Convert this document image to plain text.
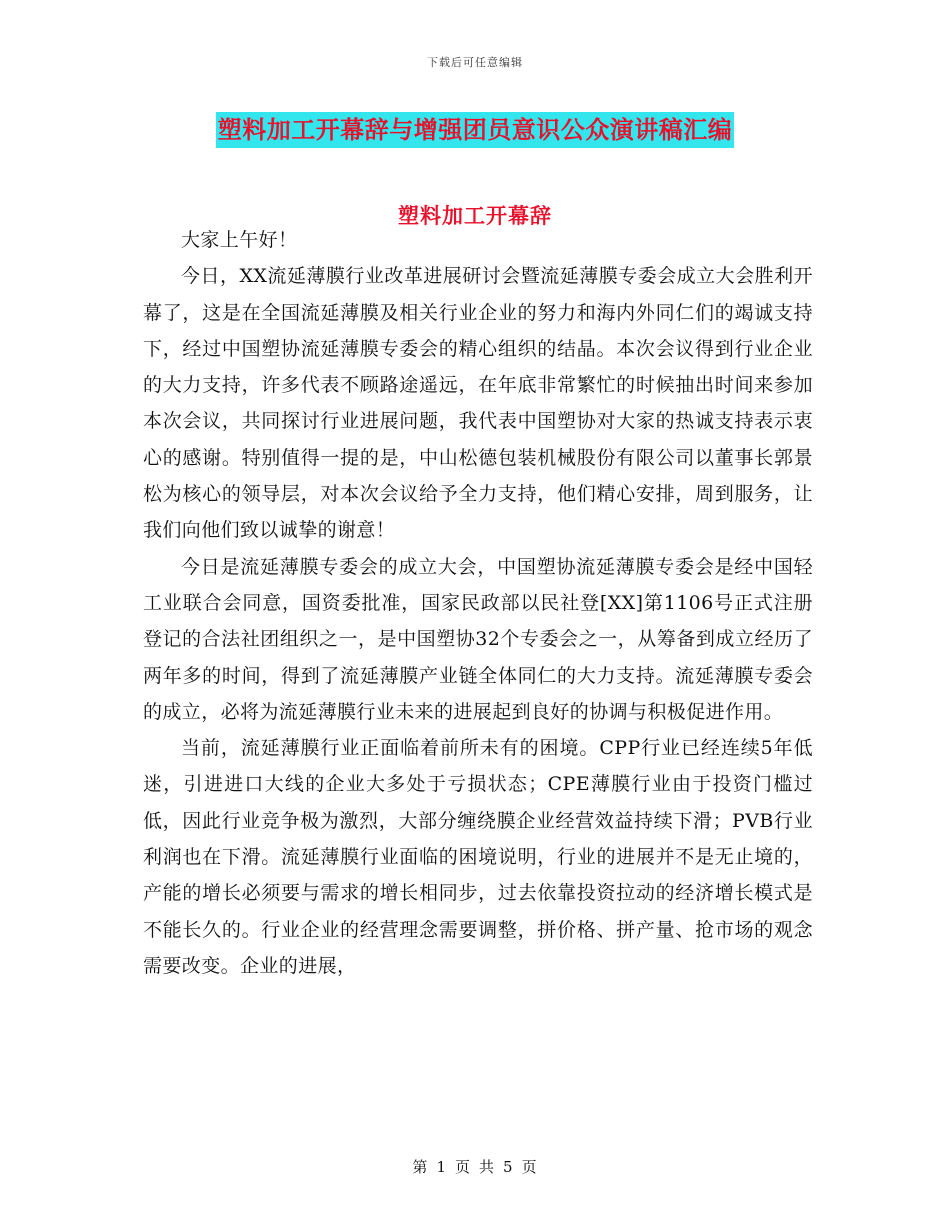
下载后可任意编辑
塑料加工开幕辞与增强团员意识公众演讲稿汇编
塑料加工开幕辞

大家上午好！

今日，XX流延薄膜行业改革进展研讨会暨流延薄膜专委会成立大会胜利开幕了，这是在全国流延薄膜及相关行业企业的努力和海内外同仁们的竭诚支持下，经过中国塑协流延薄膜专委会的精心组织的结晶。本次会议得到行业企业的大力支持，许多代表不顾路途遥远，在年底非常繁忙的时候抽出时间来参加本次会议，共同探讨行业进展问题，我代表中国塑协对大家的热诚支持表示衷心的感谢。特别值得一提的是，中山松德包装机械股份有限公司以董事长郭景松为核心的领导层，对本次会议给予全力支持，他们精心安排，周到服务，让我们向他们致以诚挚的谢意！

今日是流延薄膜专委会的成立大会，中国塑协流延薄膜专委会是经中国轻工业联合会同意，国资委批准，国家民政部以民社登[XX]第1106号正式注册登记的合法社团组织之一，是中国塑协32个专委会之一，从筹备到成立经历了两年多的时间，得到了流延薄膜产业链全体同仁的大力支持。流延薄膜专委会的成立，必将为流延薄膜行业未来的进展起到良好的协调与积极促进作用。

当前，流延薄膜行业正面临着前所未有的困境。CPP行业已经连续5年低迷，引进进口大线的企业大多处于亏损状态；CPE薄膜行业由于投资门槛过低，因此行业竞争极为激烈，大部分缠绕膜企业经营效益持续下滑；PVB行业利润也在下滑。流延薄膜行业面临的困境说明，行业的进展并不是无止境的，产能的增长必须要与需求的增长相同步，过去依靠投资拉动的经济增长模式是不能长久的。行业企业的经营理念需要调整，拼价格、拼产量、抢市场的观念需要改变。企业的进展，

第 1 页 共 5 页
